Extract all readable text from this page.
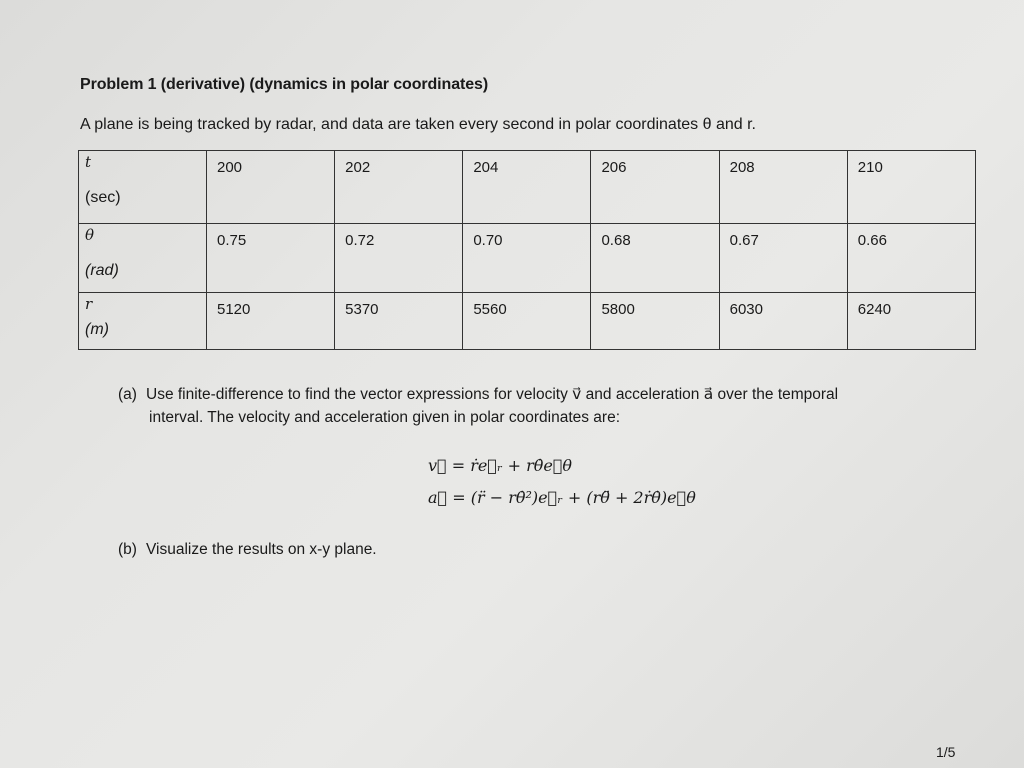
Problem 1 (derivative) (dynamics in polar coordinates)
A plane is being tracked by radar, and data are taken every second in polar coordinates θ and r.
t
(sec)	200	202	204	206	208	210

θ
(rad)	0.75	0.72	0.70	0.68	0.67	0.66

r
(m)	5120	5370	5560	5800	6030	6240
(a) Use finite-difference to find the vector expressions for velocity v⃗ and acceleration a⃗ over the temporal
interval. The velocity and acceleration given in polar coordinates are:
v⃗ = ṙe⃗ᵣ + rθ̇e⃗θ
a⃗ = (r̈ − rθ̇²)e⃗ᵣ + (rθ̈ + 2ṙθ̇)e⃗θ
(b) Visualize the results on x-y plane.
1/5
